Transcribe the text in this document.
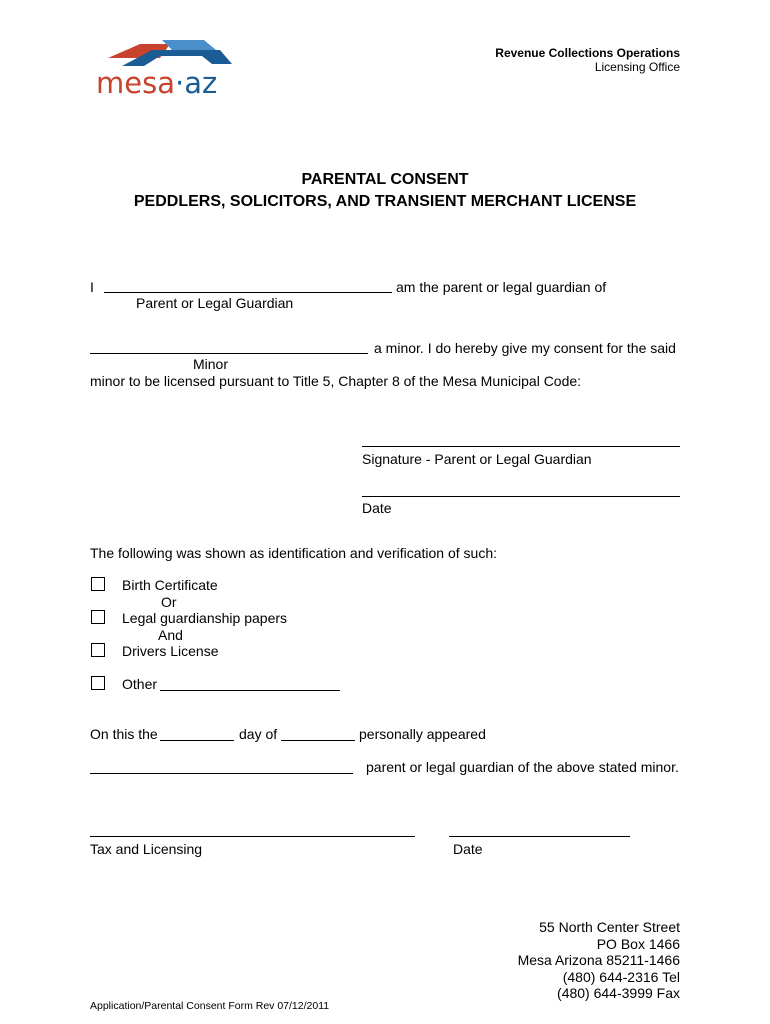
mesa·az
Revenue Collections Operations
Licensing Office
PARENTAL CONSENT
PEDDLERS, SOLICITORS, AND TRANSIENT MERCHANT LICENSE
I	am the parent or legal guardian of
Parent or Legal Guardian
a minor. I do hereby give my consent for the said
Minor
minor to be licensed pursuant to Title 5, Chapter 8 of the Mesa Municipal Code:
Signature - Parent or Legal Guardian
Date
The following was shown as identification and verification of such:
Birth Certificate
Or
Legal guardianship papers
And
Drivers License
Other
On this the	day of	personally appeared
parent or legal guardian of the above stated minor.
Tax and Licensing	Date
55 North Center Street
PO Box 1466
Mesa Arizona 85211-1466
(480) 644-2316 Tel
(480) 644-3999 Fax
Application/Parental Consent Form Rev 07/12/2011
